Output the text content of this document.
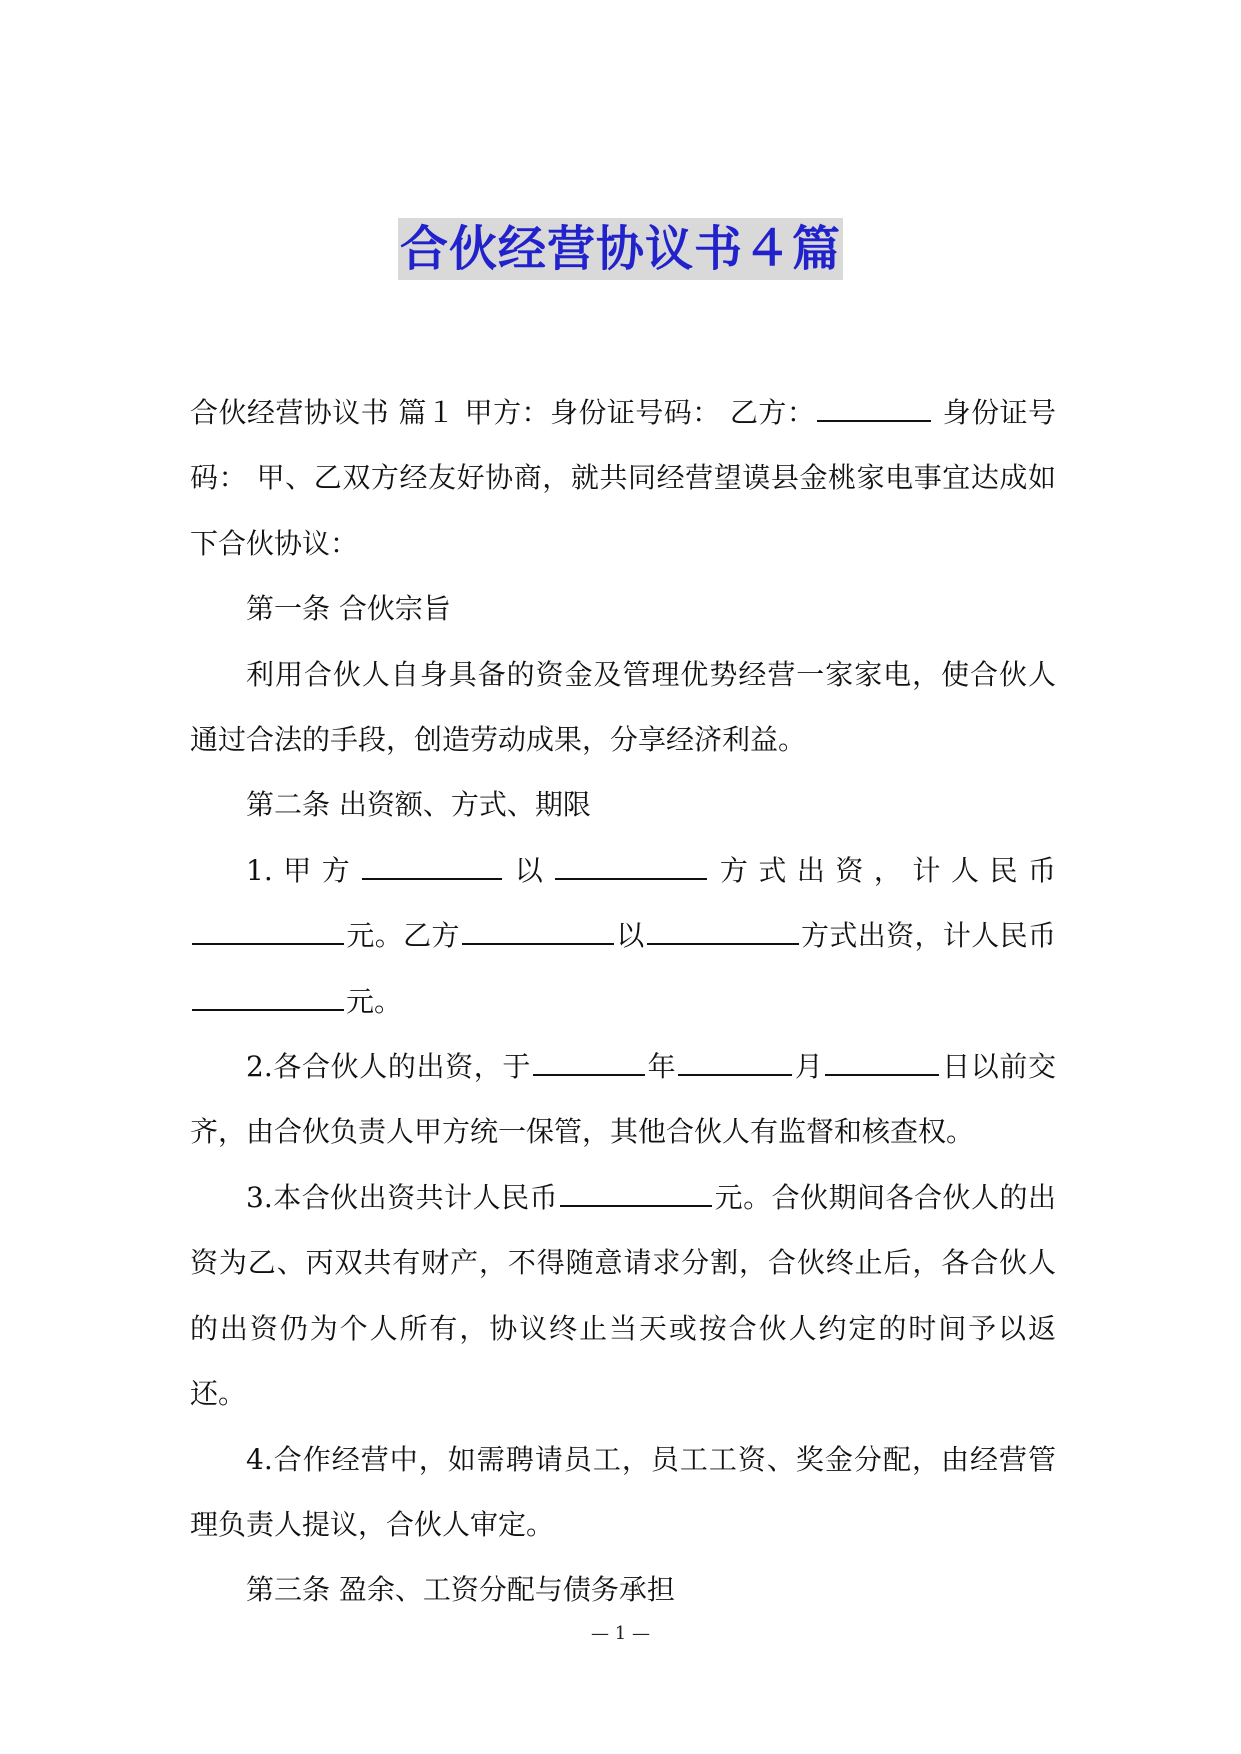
合伙经营协议书４篇

合伙经营协议书 篇１ 甲方：身份证号码： 乙方：	身份证号码： 甲、乙双方经友好协商，就共同经营望谟县金桃家电事宜达成如下合伙协议：

第一条 合伙宗旨

利用合伙人自身具备的资金及管理优势经营一家家电，使合伙人通过合法的手段，创造劳动成果，分享经济利益。

第二条 出资额、方式、期限

1.甲方	以	方式出资，计人民币元。乙方	以	方式出资，计人民币元。

2.各合伙人的出资，于	年	月	日以前交齐，由合伙负责人甲方统一保管，其他合伙人有监督和核查权。

3.本合伙出资共计人民币	元。合伙期间各合伙人的出资为乙、丙双共有财产，不得随意请求分割，合伙终止后，各合伙人的出资仍为个人所有，协议终止当天或按合伙人约定的时间予以返还。

4.合作经营中，如需聘请员工，员工工资、奖金分配，由经营管理负责人提议，合伙人审定。

第三条 盈余、工资分配与债务承担

— 1 —
